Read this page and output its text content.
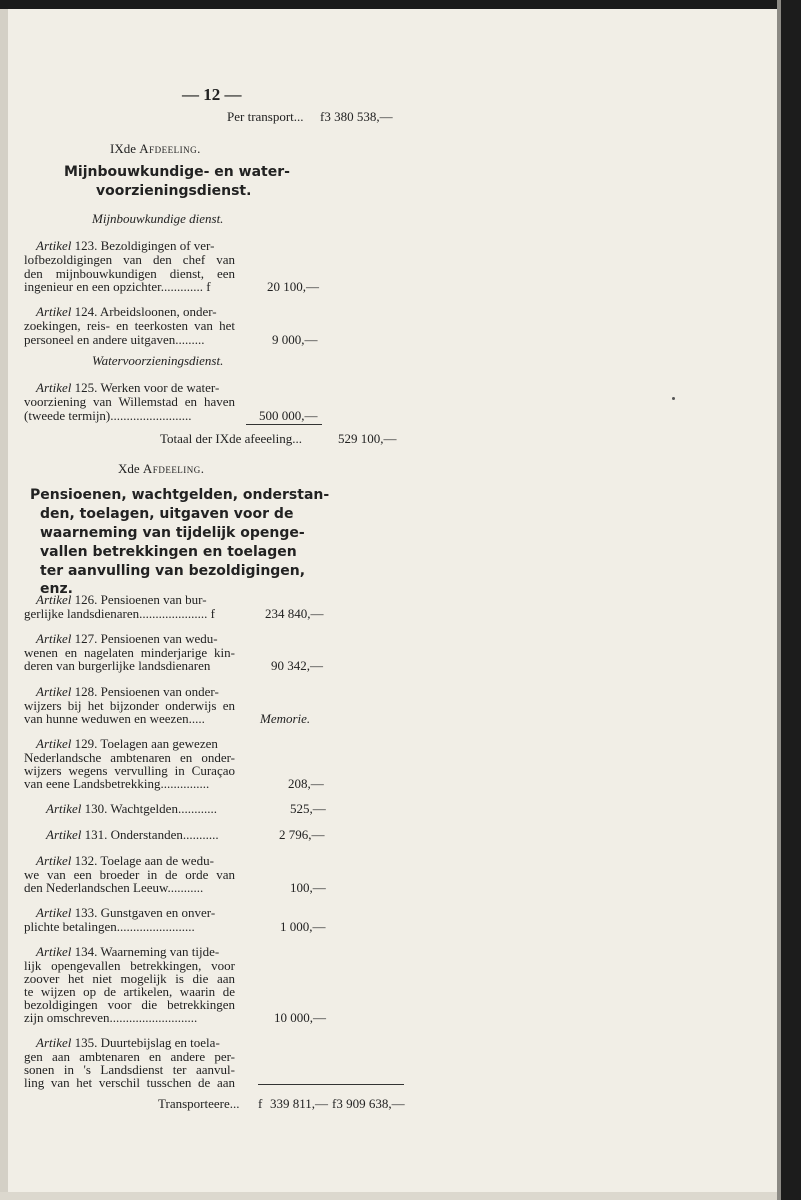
— 12 —
Per transport... f3 380 538,—
IXde Afdeeling.
Mijnbouwkundige- en water-
voorzieningsdienst.
Mijnbouwkundige dienst.
Artikel 123. Bezoldigingen of ver-
lofbezoldigingen van den chef van
den mijnbouwkundigen dienst, een
ingenieur en een opzichter............. f	20 100,—
Artikel 124. Arbeidsloonen, onder-
zoekingen, reis- en teerkosten van het
personeel en andere uitgaven.........	9 000,—
Watervoorzieningsdienst.
Artikel 125. Werken voor de water-
voorziening van Willemstad en haven
(tweede termijn).........................	500 000,—
Totaal der IXde afeeeling...	529 100,—
Xde Afdeeling.
Pensioenen, wachtgelden, onderstan-
den, toelagen, uitgaven voor de
waarneming van tijdelijk openge-
vallen betrekkingen en toelagen
ter aanvulling van bezoldigingen,
enz.
Artikel 126. Pensioenen van bur-
gerlijke landsdienaren..................... f	234 840,—
Artikel 127. Pensioenen van wedu-
wenen en nagelaten minderjarige kin-
deren van burgerlijke landsdienaren	90 342,—
Artikel 128. Pensioenen van onder-
wijzers bij het bijzonder onderwijs en
van hunne weduwen en weezen.....	Memorie.
Artikel 129. Toelagen aan gewezen
Nederlandsche ambtenaren en onder-
wijzers wegens vervulling in Curaçao
van eene Landsbetrekking...............	208,—
Artikel 130. Wachtgelden............	525,—
Artikel 131. Onderstanden...........	2 796,—
Artikel 132. Toelage aan de wedu-
we van een broeder in de orde van
den Nederlandschen Leeuw...........	100,—
Artikel 133. Gunstgaven en onver-
plichte betalingen........................	1 000,—
Artikel 134. Waarneming van tijde-
lijk opengevallen betrekkingen, voor
zoover het niet mogelijk is die aan
te wijzen op de artikelen, waarin de
bezoldigingen voor die betrekkingen
zijn omschreven...........................	10 000,—
Artikel 135. Duurtebijslag en toela-
gen aan ambtenaren en andere per-
sonen in 's Landsdienst ter aanvul-
ling van het verschil tusschen de aan
Transporteere... f 339 811,— f3 909 638,—
